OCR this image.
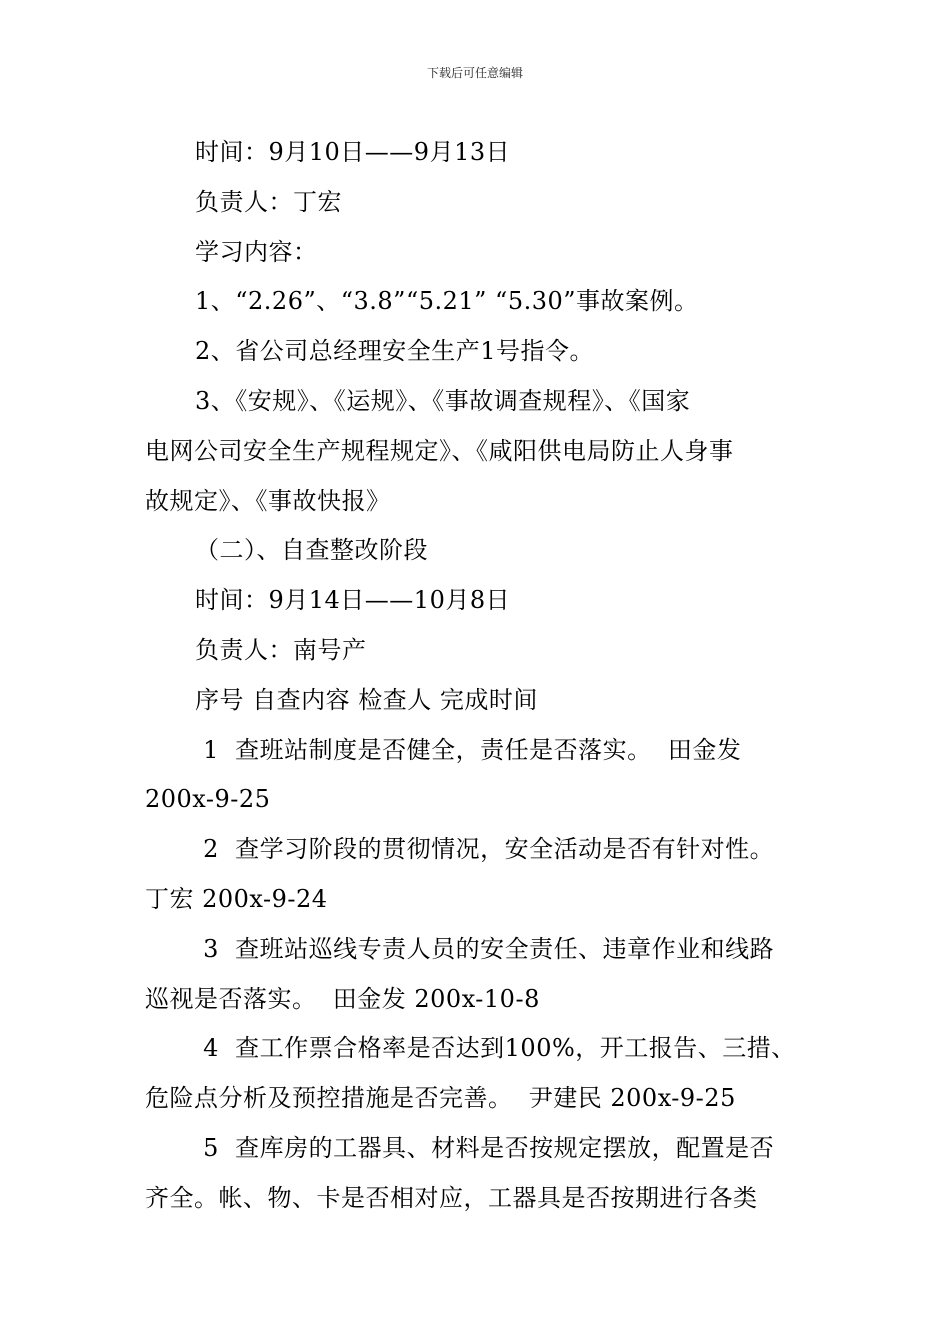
下载后可任意编辑
时间：9月10日——9月13日
负责人：丁宏
学习内容：
1、“2.26”、“3.8”“5.21” “5.30”事故案例。
2、省公司总经理安全生产1号指令。
3、《安规》、《运规》、《事故调查规程》、《国家
电网公司安全生产规程规定》、《咸阳供电局防止人身事
故规定》、《事故快报》
（二）、自查整改阶段
时间：9月14日——10月8日
负责人：南号产
序号 自查内容 检查人 完成时间
1  查班站制度是否健全，责任是否落实。  田金发
200x-9-25
2  查学习阶段的贯彻情况，安全活动是否有针对性。
丁宏 200x-9-24
3  查班站巡线专责人员的安全责任、违章作业和线路
巡视是否落实。  田金发 200x-10-8
4  查工作票合格率是否达到100%，开工报告、三措、
危险点分析及预控措施是否完善。  尹建民 200x-9-25
5  查库房的工器具、材料是否按规定摆放，配置是否
齐全。帐、物、卡是否相对应，工器具是否按期进行各类
